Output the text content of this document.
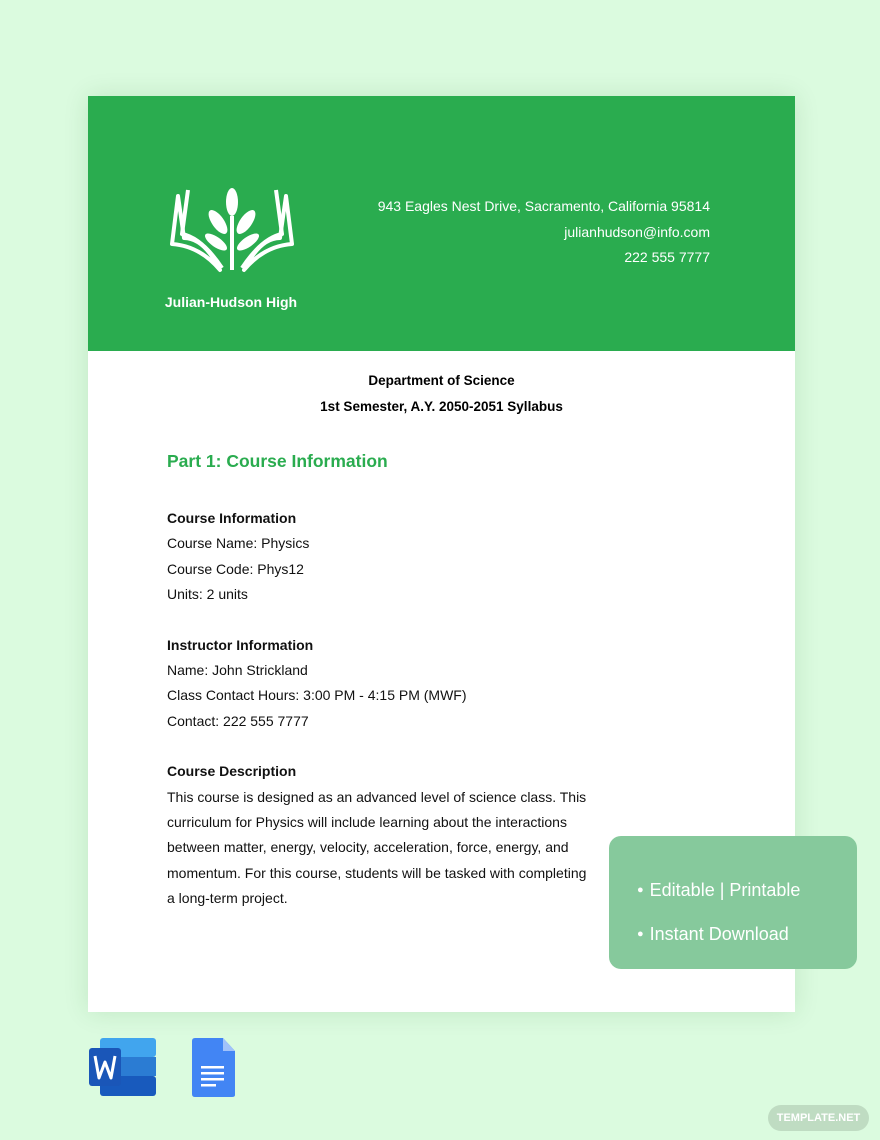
Julian-Hudson High
943 Eagles Nest Drive, Sacramento, California 95814
julianhudson@info.com
222 555 7777
Department of Science
1st Semester, A.Y. 2050-2051 Syllabus
Part 1: Course Information
Course Information
Course Name: Physics
Course Code: Phys12
Units: 2 units
Instructor Information
Name: John Strickland
Class Contact Hours: 3:00 PM - 4:15 PM (MWF)
Contact: 222 555 7777
Course Description
This course is designed as an advanced level of science class. This curriculum for Physics will include learning about the interactions between matter, energy, velocity, acceleration, force, energy, and momentum. For this course, students will be tasked with completing a long-term project.	● Editable | Printable
● Instant Download
TEMPLATE.NET
